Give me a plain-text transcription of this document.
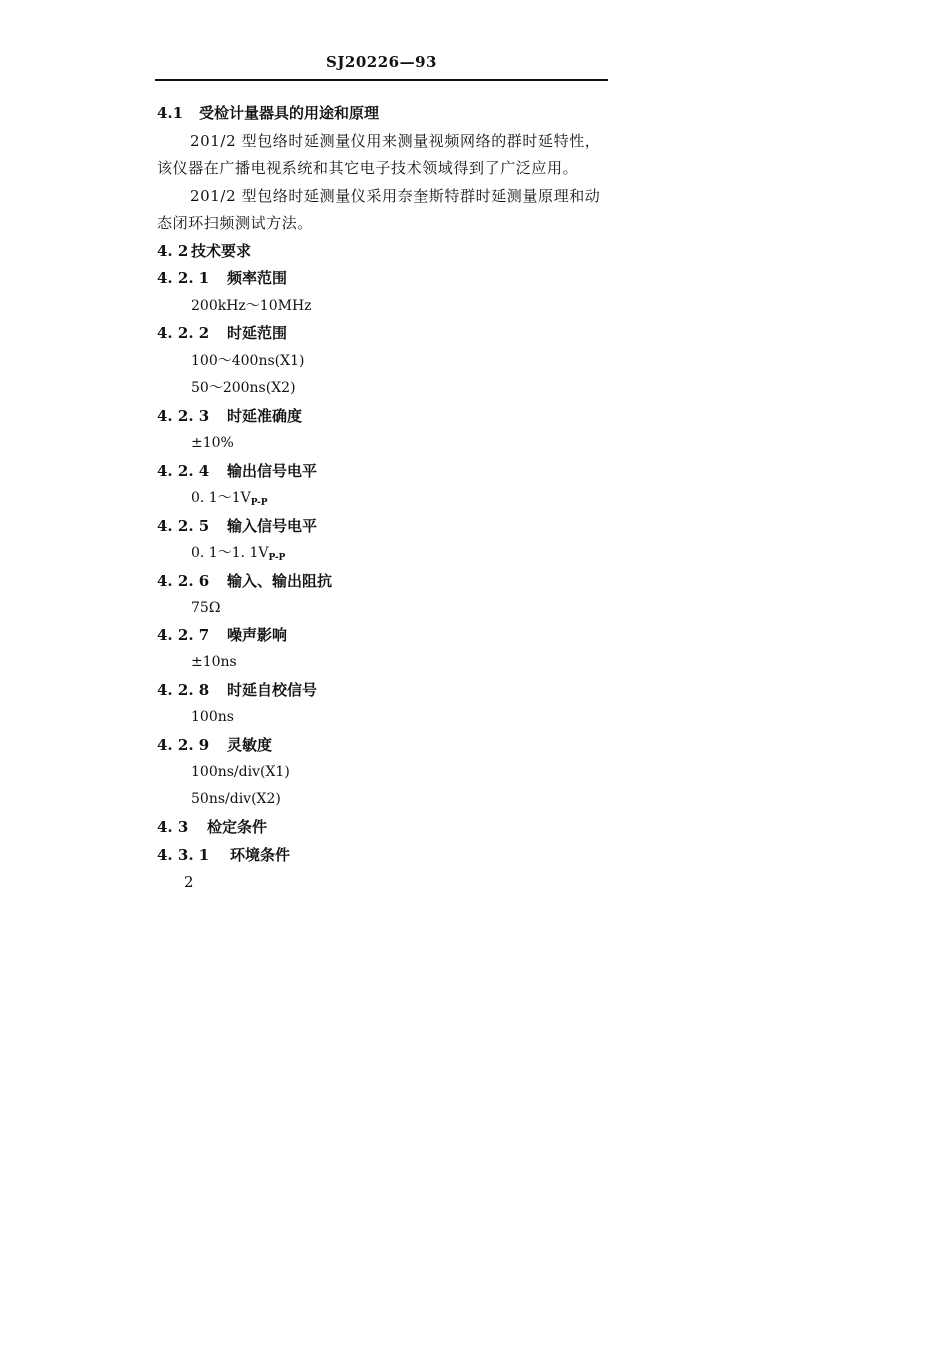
SJ20226—93
4.1 受检计量器具的用途和原理
201/2 型包络时延测量仪用来测量视频网络的群时延特性，
该仪器在广播电视系统和其它电子技术领域得到了广泛应用。
201/2 型包络时延测量仪采用奈奎斯特群时延测量原理和动
态闭环扫频测试方法。
4. 2 技术要求
4. 2. 1 频率范围
200kHz～10MHz
4. 2. 2 时延范围
100～400ns(X1)
50～200ns(X2)
4. 2. 3 时延准确度
±10%
4. 2. 4 输出信号电平
0. $1\sim 1V_{P-P}$
4. 2. 5 输入信号电平
0. 1～1. $1V_{P-P}$
4. 2. 6 输入、输出阻抗
75Ω
4. 2. 7 噪声影响
±10ns
4. 2. 8 时延自校信号
100ns
4. 2. 9 灵敏度
100ns/div(X1)
50ns/div(X2)
4. 3 检定条件
4. 3. 1 环境条件
2
